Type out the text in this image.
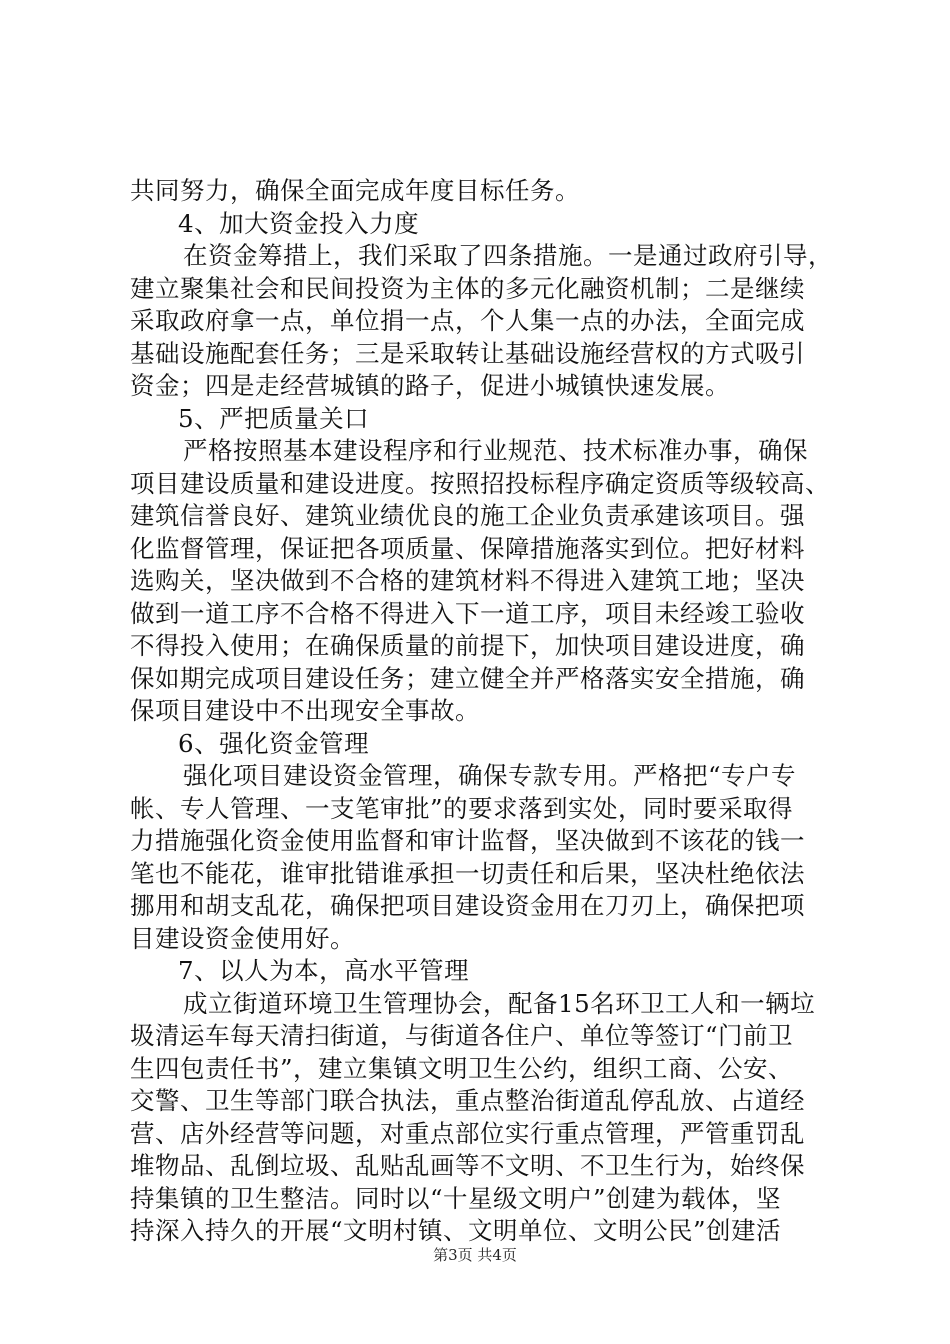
共同努力，确保全面完成年度目标任务。
4、加大资金投入力度
在资金筹措上，我们采取了四条措施。一是通过政府引导，
建立聚集社会和民间投资为主体的多元化融资机制；二是继续
采取政府拿一点，单位捐一点，个人集一点的办法，全面完成
基础设施配套任务；三是采取转让基础设施经营权的方式吸引
资金；四是走经营城镇的路子，促进小城镇快速发展。
5、严把质量关口
严格按照基本建设程序和行业规范、技术标准办事，确保
项目建设质量和建设进度。按照招投标程序确定资质等级较高、
建筑信誉良好、建筑业绩优良的施工企业负责承建该项目。强
化监督管理，保证把各项质量、保障措施落实到位。把好材料
选购关，坚决做到不合格的建筑材料不得进入建筑工地；坚决
做到一道工序不合格不得进入下一道工序，项目未经竣工验收
不得投入使用；在确保质量的前提下，加快项目建设进度，确
保如期完成项目建设任务；建立健全并严格落实安全措施，确
保项目建设中不出现安全事故。
6、强化资金管理
强化项目建设资金管理，确保专款专用。严格把“专户专
帐、专人管理、一支笔审批”的要求落到实处，同时要采取得
力措施强化资金使用监督和审计监督，坚决做到不该花的钱一
笔也不能花，谁审批错谁承担一切责任和后果，坚决杜绝依法
挪用和胡支乱花，确保把项目建设资金用在刀刃上，确保把项
目建设资金使用好。
7、以人为本，高水平管理
成立街道环境卫生管理协会，配备15名环卫工人和一辆垃
圾清运车每天清扫街道，与街道各住户、单位等签订“门前卫
生四包责任书”，建立集镇文明卫生公约，组织工商、公安、
交警、卫生等部门联合执法，重点整治街道乱停乱放、占道经
营、店外经营等问题，对重点部位实行重点管理，严管重罚乱
堆物品、乱倒垃圾、乱贴乱画等不文明、不卫生行为，始终保
持集镇的卫生整洁。同时以“十星级文明户”创建为载体，坚
持深入持久的开展“文明村镇、文明单位、文明公民”创建活
第3页 共4页
